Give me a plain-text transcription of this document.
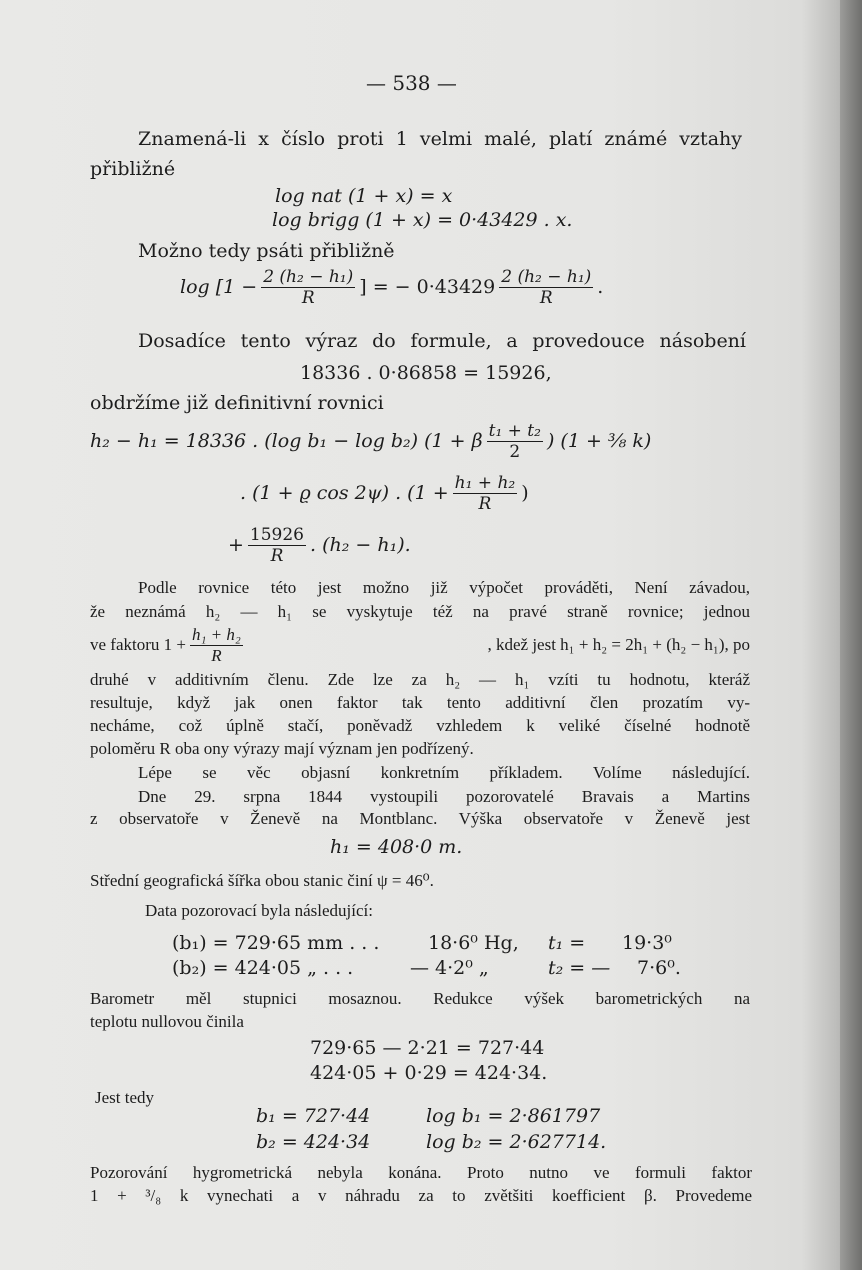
— 538 —
Znamená-li x číslo proti 1 velmi malé, platí známé vztahy
přibližné
log nat (1 + x) = x
log brigg (1 + x) = 0·43429 . x.
Možno tedy psáti přibližně
$\log [1 - \frac{\text{2 (h₂ − h₁)}}{R}$ ] = − $0\cdot 43429 \frac{\text{2 (h₂ − h₁)}}{R}$ .
Dosadíce tento výraz do formule, a provedouce násobení
18336 . 0·86858 = 15926,
obdržíme již definitivní rovnici
h₂ − h₁ = 18336 . (log b₁ − log b₂) (1 + β $\frac{\text{t₁ + t₂}}{2}$ ) (1 + ⅜ k)
. (1 + ϱ cos 2ψ) . ($1 + \frac{\text{h₁ + h₂}}{R}$ )
+ $\frac{15926}{R}$ . (h₂ − h₁).
Podle rovnice této jest možno již výpočet prováděti, Není závadou,
že neznámá h₂ — h₁ se vyskytuje též na pravé straně rovnice; jednou
ve faktoru $1 + \frac{\text{h₁ + h₂}}{R}$	, kdež jest h₁ + h₂ = 2h₁ + (h₂ − h₁), po
druhé v additivním členu. Zde lze za h₂ — h₁ vzíti tu hodnotu, kteráž
resultuje, když jak onen faktor tak tento additivní člen prozatím vy-
necháme, což úplně stačí, poněvadž vzhledem k veliké číselné hodnotě
poloměru R oba ony výrazy mají význam jen podřízený.
Lépe se věc objasní konkretním příkladem. Volíme následující.
Dne 29. srpna 1844 vystoupili pozorovatelé Bravais a Martins
z observatoře v Ženevě na Montblanc. Výška observatoře v Ženevě jest
h₁ = 408·0 m.
Střední geografická šířka obou stanic činí ψ = 46⁰.
Data pozorovací byla následující:
(b₁) = 729·65 mm . . .	18·6⁰ Hg, t₁ = 19·3⁰
(b₂) = 424·05 „ . . .	— 4·2⁰ „	t₂ = — 7·6⁰.
Barometr měl stupnici mosaznou. Redukce výšek barometrických na
teplotu nullovou činila
729·65 — 2·21 = 727·44
424·05 + 0·29 = 424·34.
Jest tedy
b₁ = 727·44	log b₁ = 2·861797
b₂ = 424·34	log b₂ = 2·627714.
Pozorování hygrometrická nebyla konána. Proto nutno ve formuli faktor
1 + ³/₈ k vynechati a v náhradu za to zvětšiti koefficient β. Provedeme
